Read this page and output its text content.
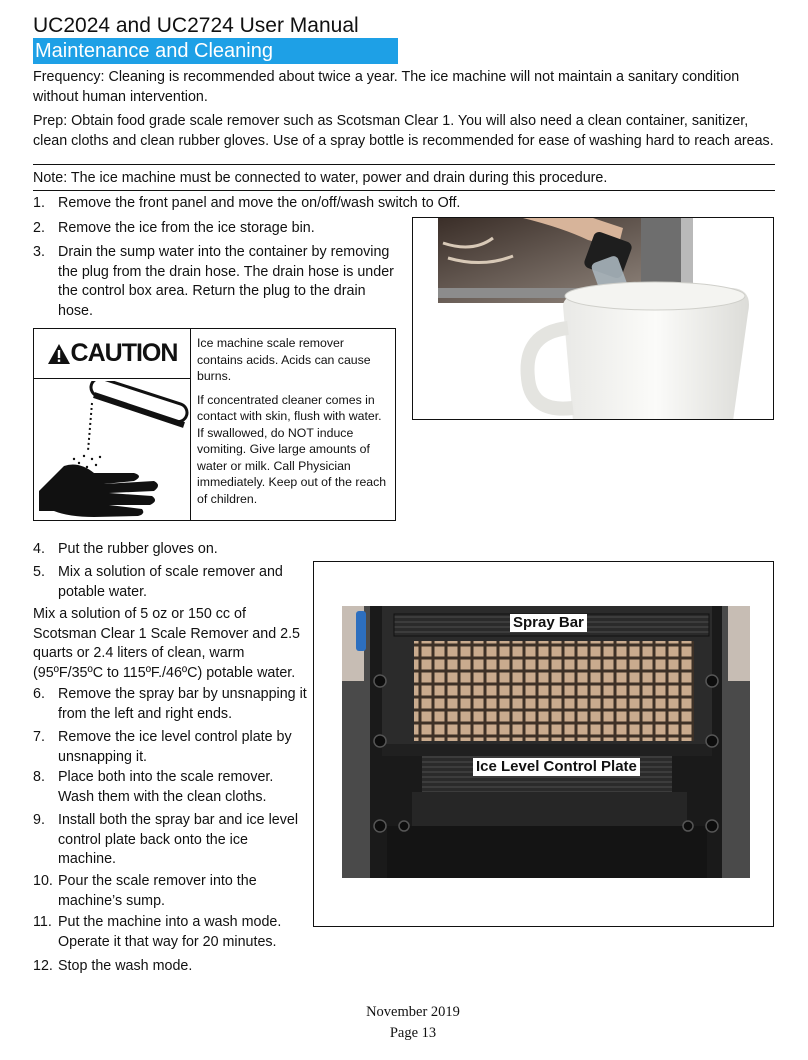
UC2024 and UC2724 User Manual
Maintenance and Cleaning
Frequency: Cleaning is recommended about twice a year. The ice machine will not maintain a sanitary condition without human intervention.
Prep: Obtain food grade scale remover such as Scotsman Clear 1. You will also need a clean container, sanitizer, clean cloths and clean rubber gloves. Use of a spray bottle is recommended for ease of washing hard to reach areas.
Note: The ice machine must be connected to water, power and drain during this procedure.
1. Remove the front panel and move the on/off/wash switch to Off.
2. Remove the ice from the ice storage bin.
3. Drain the sump water into the container by removing the plug from the drain hose. The drain hose is under the control box area. Return the plug to the drain hose.
CAUTION Ice machine scale remover contains acids. Acids can cause burns.

If concentrated cleaner comes in contact with skin, flush with water. If swallowed, do NOT induce vomiting. Give large amounts of water or milk. Call Physician immediately. Keep out of the reach of children.

4. Put the rubber gloves on.
5. Mix a solution of scale remover and potable water.
Mix a solution of 5 oz or 150 cc of Scotsman Clear 1 Scale Remover and 2.5 quarts or 2.4 liters of clean, warm (95ºF/35ºC to 115ºF./46ºC) potable water.
6. Remove the spray bar by unsnapping it from the left and right ends.
7. Remove the ice level control plate by unsnapping it.
8. Place both into the scale remover. Wash them with the clean cloths.
9. Install both the spray bar and ice level control plate back onto the ice machine.
10. Pour the scale remover into the machine’s sump.
11. Put the machine into a wash mode. Operate it that way for 20 minutes.
12. Stop the wash mode.
Spray Bar
Ice Level Control Plate
November 2019
Page 13
